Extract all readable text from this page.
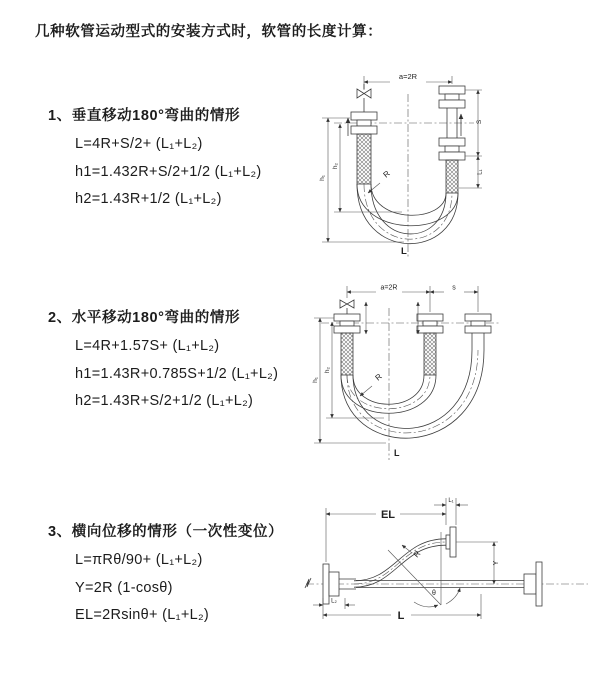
几种软管运动型式的安装方式时，软管的长度计算：
1、垂直移动180°弯曲的情形
L=4R+S/2+ (L₁+L₂)
h1=1.432R+S/2+1/2 (L₁+L₂)
h2=1.43R+1/2 (L₁+L₂)
2、水平移动180°弯曲的情形
L=4R+1.57S+ (L₁+L₂)
h1=1.43R+0.785S+1/2 (L₁+L₂)
h2=1.43R+S/2+1/2 (L₁+L₂)
3、横向位移的情形（一次性变位）
L=πRθ/90+ (L₁+L₂)
Y=2R (1-cosθ)
EL=2Rsinθ+ (L₁+L₂)
a=2R
h₁
h₂
S
L₁
R
L
a=2R	s
h₁
h₂
R
L
EL
L₁
Y
θ
R
L₂
L
